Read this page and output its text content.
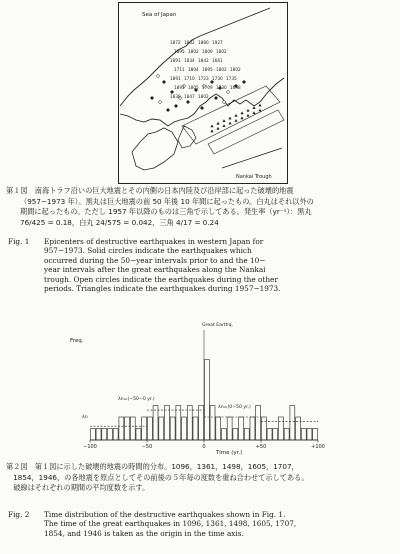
Sea of Japan
Nankai Trough
1872 1802 1880 1927
1895 1802 1809 1802
1891 1834 1842 1661
1711 1804 1895 1802 1802
1891 1710 1723 1730 1735
1891 1805 1709 1730 1698
1830 1847 1802
第１図　南海トラフ沿いの巨大地震とその内側の日本内陸及び沿岸部に起った破壊的地震
（957−1973 年）。黒丸は巨大地震の前 50 年後 10 年間に起ったもの。白丸はそれ以外の
期間に起ったもの。ただし 1957 年以降のものは三角で示してある。発生率（yr⁻¹）：黒丸
76/425 = 0.18，白丸 24/575 = 0.042，三角 4/17 = 0.24
Fig. 1 Epicenters of destructive earthquakes in western Japan for
957−1973. Solid circles indicate the earthquakes which
occurred during the 50−year intervals prior to and the 10−
year intervals after the great earthquakes along the Nankai
trough. Open circles indicate the earthquakes during the other
periods. Triangles indicate the earthquakes during 1957−1973.
Freq.
Great Earthq.
−100	−50	0	+50	+100
λn=(−50−0 yr.)
λn=(0−50 yr.)
λn
Time (yr.)
第２図　第１図に示した破壊的地震の時間的分布。1096，1361，1498，1605，1707，
　1854，1946，の各地震を原点としてその前後の５年毎の度数を重ね合わせて示してある。
　破線はそれぞれの期間の平均度数を示す。
Fig. 2 Time distribution of the destructive earthquakes shown in Fig. 1.
The time of the great earthquakes in 1096, 1361, 1498, 1605, 1707,
1854, and 1946 is taken as the origin in the time axis.
